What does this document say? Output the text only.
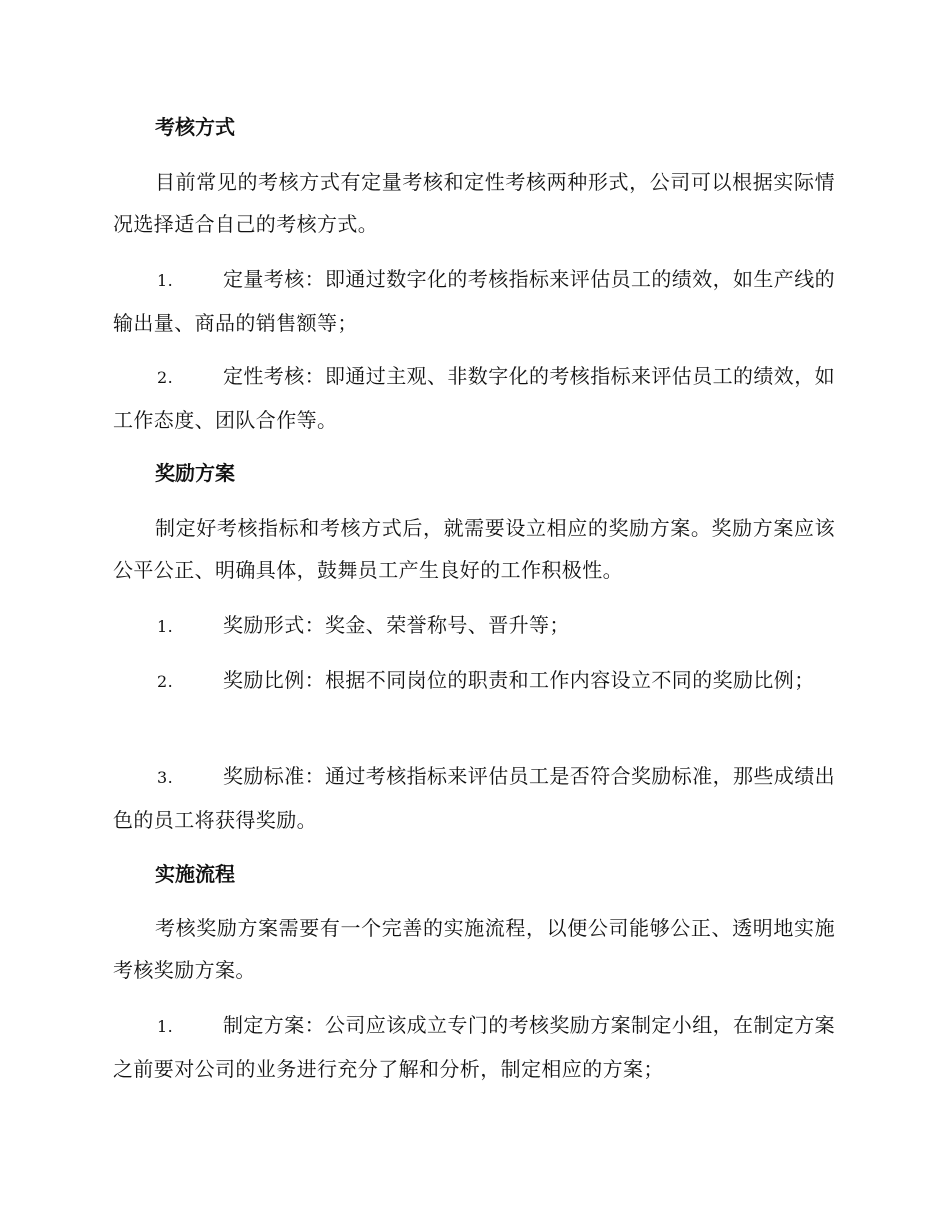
考核方式
目前常见的考核方式有定量考核和定性考核两种形式，公司可以根据实际情况选择适合自己的考核方式。
1. 定量考核：即通过数字化的考核指标来评估员工的绩效，如生产线的输出量、商品的销售额等；
2. 定性考核：即通过主观、非数字化的考核指标来评估员工的绩效，如工作态度、团队合作等。
奖励方案
制定好考核指标和考核方式后，就需要设立相应的奖励方案。奖励方案应该公平公正、明确具体，鼓舞员工产生良好的工作积极性。
1. 奖励形式：奖金、荣誉称号、晋升等；
2. 奖励比例：根据不同岗位的职责和工作内容设立不同的奖励比例；
3. 奖励标准：通过考核指标来评估员工是否符合奖励标准，那些成绩出色的员工将获得奖励。
实施流程
考核奖励方案需要有一个完善的实施流程，以便公司能够公正、透明地实施考核奖励方案。
1. 制定方案：公司应该成立专门的考核奖励方案制定小组，在制定方案之前要对公司的业务进行充分了解和分析，制定相应的方案；
